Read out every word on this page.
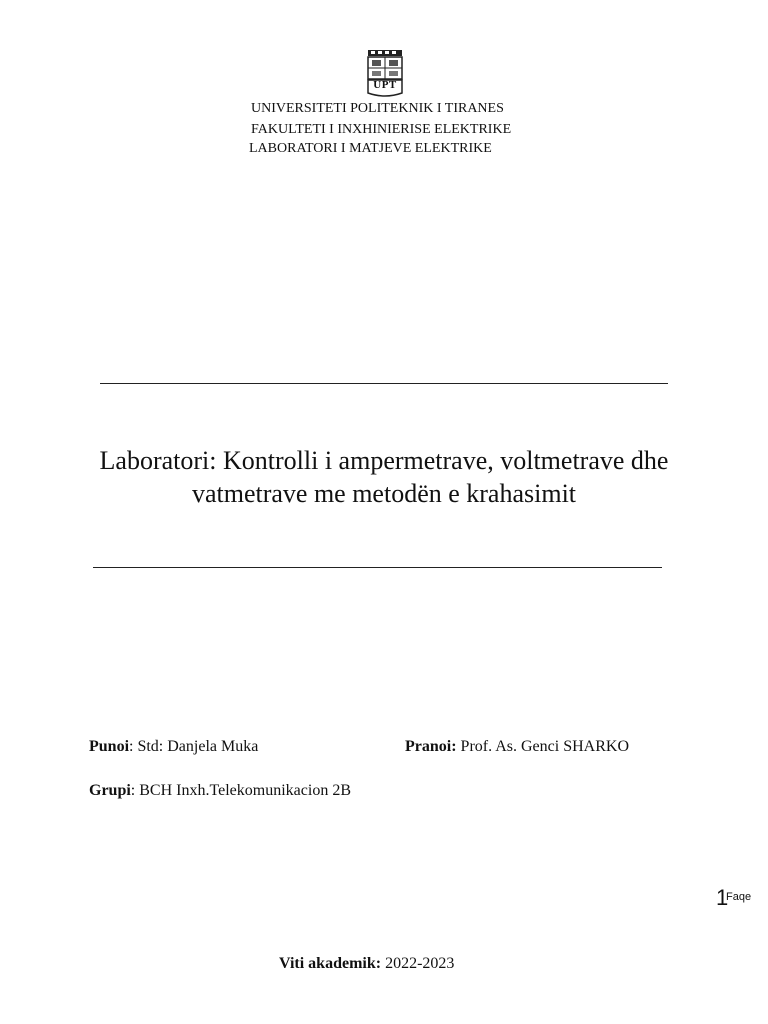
UPT

UNIVERSITETI POLITEKNIK I TIRANES

FAKULTETI I INXHINIERISE ELEKTRIKE

LABORATORI I MATJEVE ELEKTRIKE

Laboratori: Kontrolli i ampermetrave, voltmetrave dhe
vatmetrave me metodën e krahasimit
Punoi: Std: Danjela Muka	Pranoi: Prof. As. Genci SHARKO
Grupi: BCH Inxh.Telekomunikacion 2B
1
Faqe
Viti akademik: 2022-2023
